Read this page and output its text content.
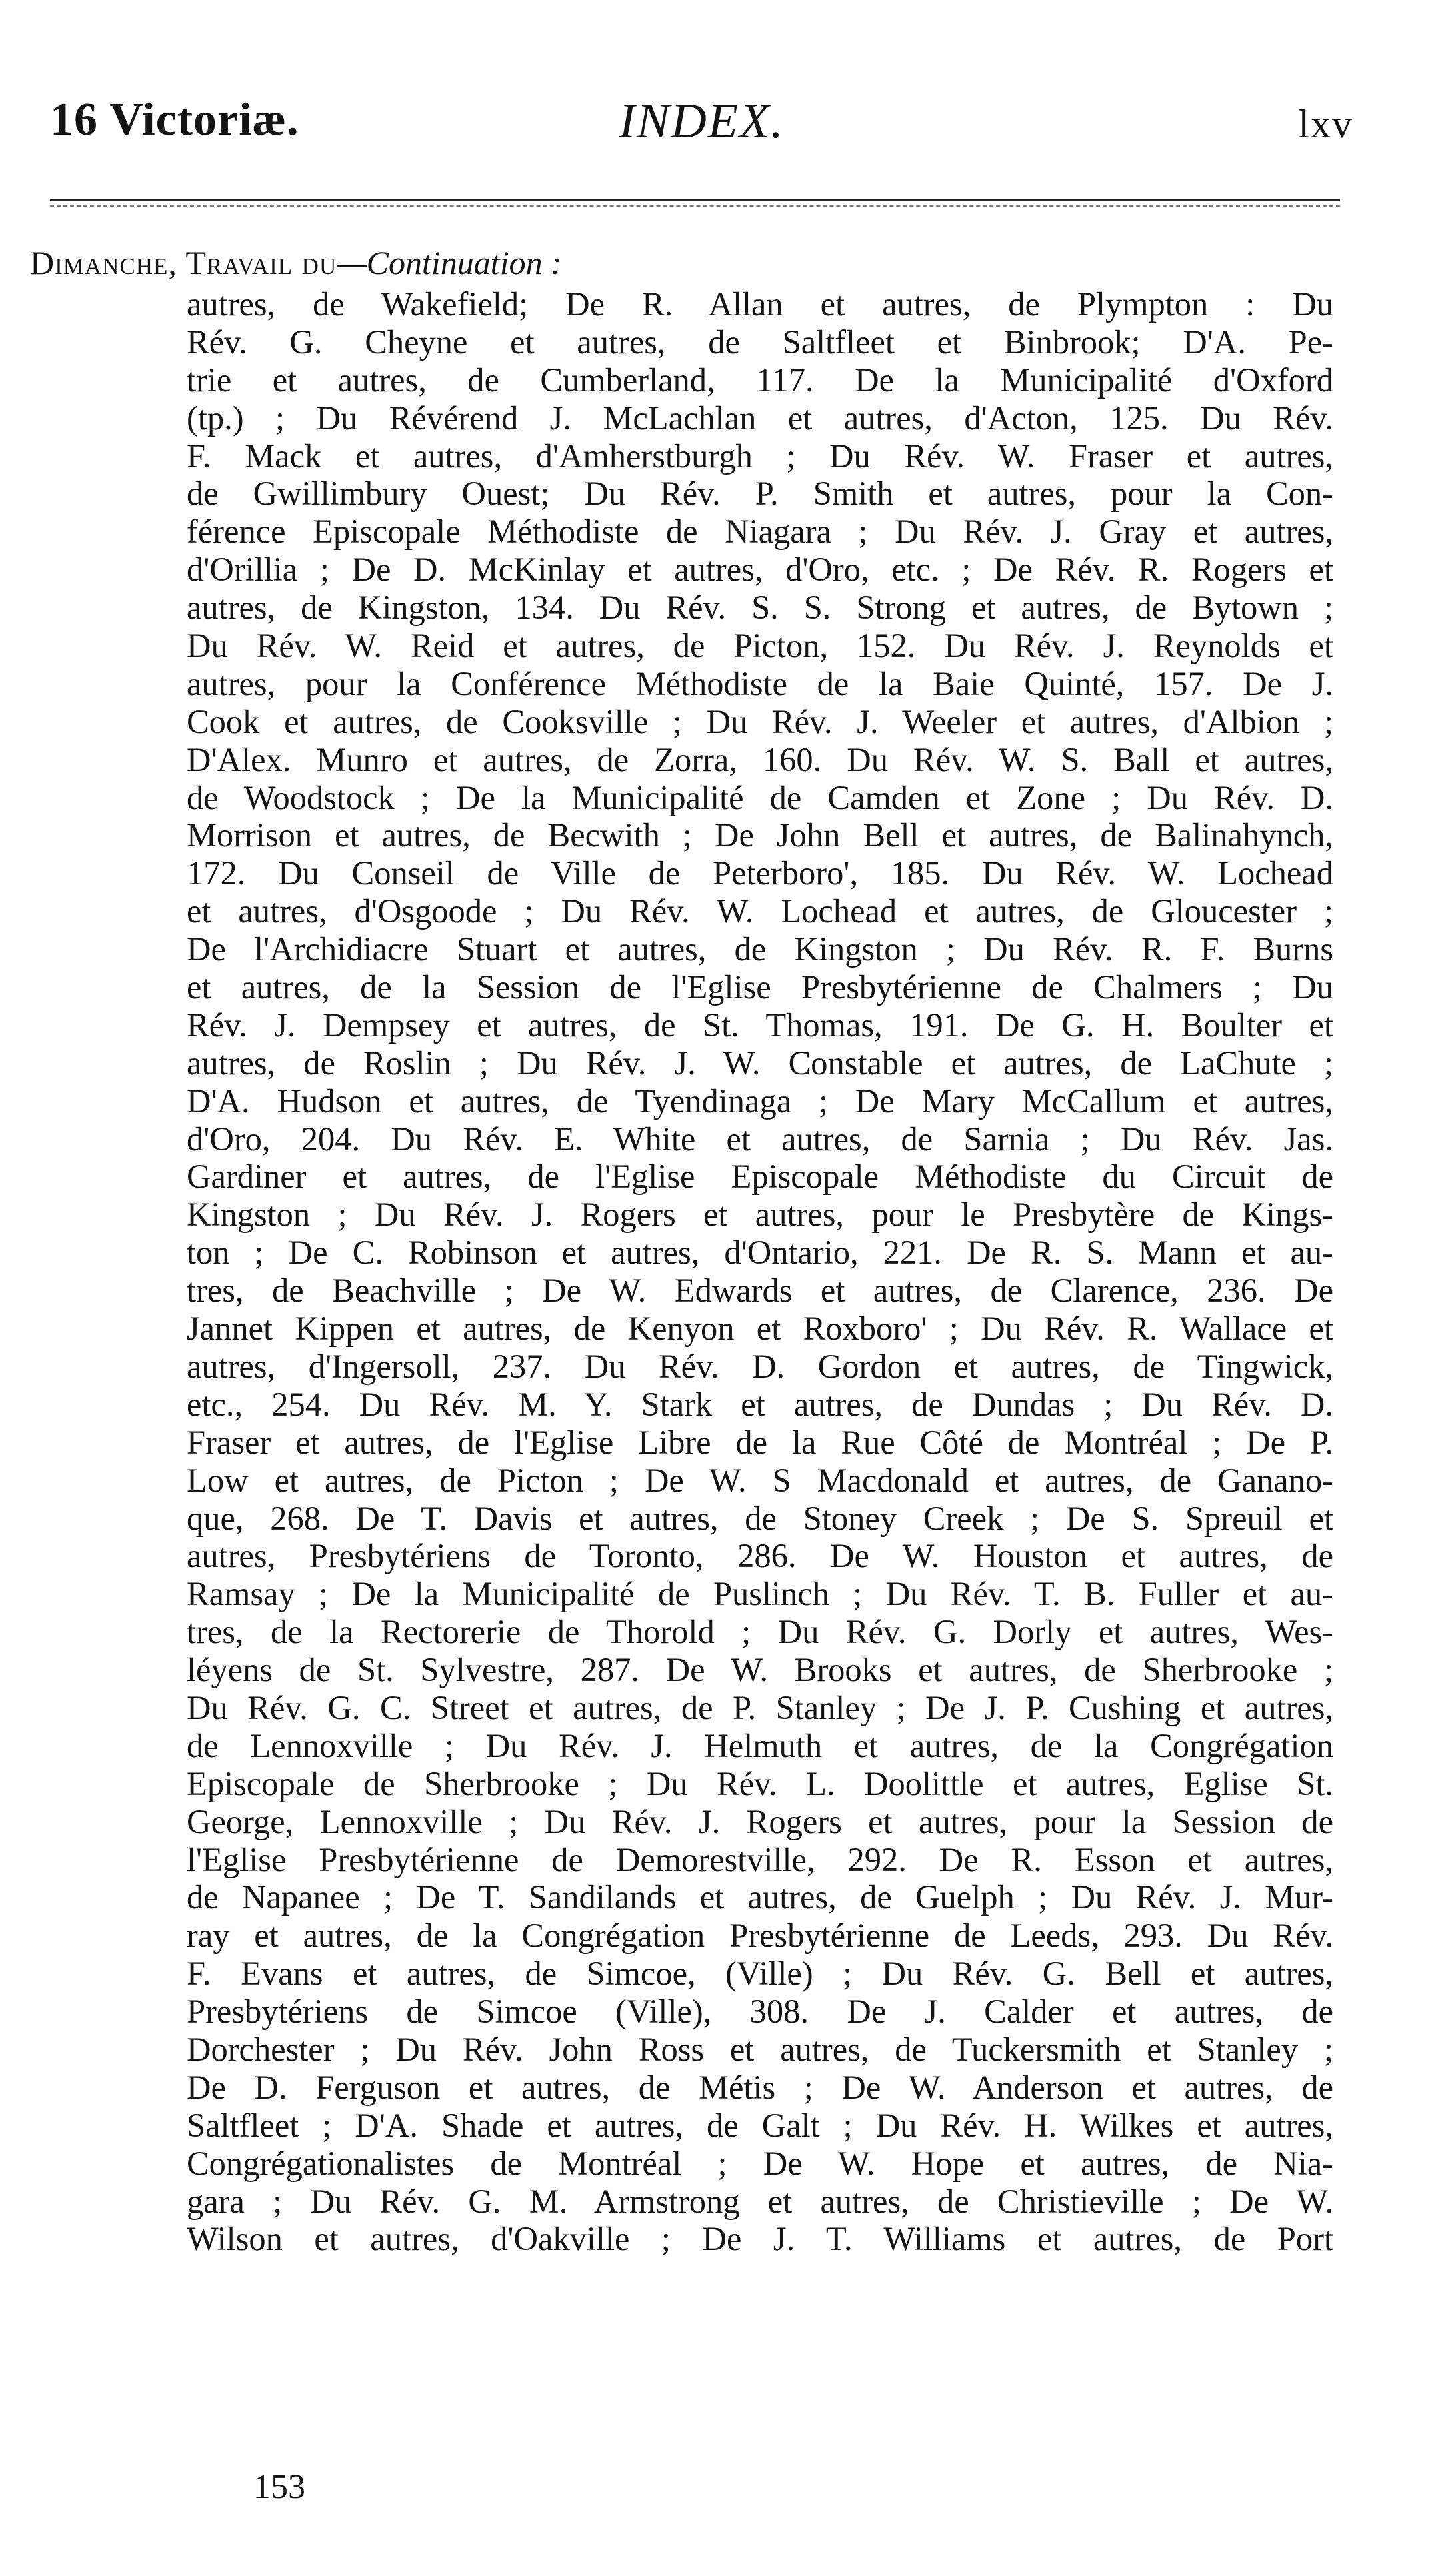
16 Victoriæ.	INDEX.	lxv
Dimanche, Travail du—Continuation :
autres, de Wakefield; De R. Allan et autres, de Plympton : Du
Rév. G. Cheyne et autres, de Saltfleet et Binbrook; D'A. Pe-
trie et autres, de Cumberland, 117. De la Municipalité d'Oxford
(tp.) ; Du Révérend J. McLachlan et autres, d'Acton, 125. Du Rév.
F. Mack et autres, d'Amherstburgh ; Du Rév. W. Fraser et autres,
de Gwillimbury Ouest; Du Rév. P. Smith et autres, pour la Con-
férence Episcopale Méthodiste de Niagara ; Du Rév. J. Gray et autres,
d'Orillia ; De D. McKinlay et autres, d'Oro, etc. ; De Rév. R. Rogers et
autres, de Kingston, 134. Du Rév. S. S. Strong et autres, de Bytown ;
Du Rév. W. Reid et autres, de Picton, 152. Du Rév. J. Reynolds et
autres, pour la Conférence Méthodiste de la Baie Quinté, 157. De J.
Cook et autres, de Cooksville ; Du Rév. J. Weeler et autres, d'Albion ;
D'Alex. Munro et autres, de Zorra, 160. Du Rév. W. S. Ball et autres,
de Woodstock ; De la Municipalité de Camden et Zone ; Du Rév. D.
Morrison et autres, de Becwith ; De John Bell et autres, de Balinahynch,
172. Du Conseil de Ville de Peterboro', 185. Du Rév. W. Lochead
et autres, d'Osgoode ; Du Rév. W. Lochead et autres, de Gloucester ;
De l'Archidiacre Stuart et autres, de Kingston ; Du Rév. R. F. Burns
et autres, de la Session de l'Eglise Presbytérienne de Chalmers ; Du
Rév. J. Dempsey et autres, de St. Thomas, 191. De G. H. Boulter et
autres, de Roslin ; Du Rév. J. W. Constable et autres, de LaChute ;
D'A. Hudson et autres, de Tyendinaga ; De Mary McCallum et autres,
d'Oro, 204. Du Rév. E. White et autres, de Sarnia ; Du Rév. Jas.
Gardiner et autres, de l'Eglise Episcopale Méthodiste du Circuit de
Kingston ; Du Rév. J. Rogers et autres, pour le Presbytère de Kings-
ton ; De C. Robinson et autres, d'Ontario, 221. De R. S. Mann et au-
tres, de Beachville ; De W. Edwards et autres, de Clarence, 236. De
Jannet Kippen et autres, de Kenyon et Roxboro' ; Du Rév. R. Wallace et
autres, d'Ingersoll, 237. Du Rév. D. Gordon et autres, de Tingwick,
etc., 254. Du Rév. M. Y. Stark et autres, de Dundas ; Du Rév. D.
Fraser et autres, de l'Eglise Libre de la Rue Côté de Montréal ; De P.
Low et autres, de Picton ; De W. S Macdonald et autres, de Ganano-
que, 268. De T. Davis et autres, de Stoney Creek ; De S. Spreuil et
autres, Presbytériens de Toronto, 286. De W. Houston et autres, de
Ramsay ; De la Municipalité de Puslinch ; Du Rév. T. B. Fuller et au-
tres, de la Rectorerie de Thorold ; Du Rév. G. Dorly et autres, Wes-
léyens de St. Sylvestre, 287. De W. Brooks et autres, de Sherbrooke ;
Du Rév. G. C. Street et autres, de P. Stanley ; De J. P. Cushing et autres,
de Lennoxville ; Du Rév. J. Helmuth et autres, de la Congrégation
Episcopale de Sherbrooke ; Du Rév. L. Doolittle et autres, Eglise St.
George, Lennoxville ; Du Rév. J. Rogers et autres, pour la Session de
l'Eglise Presbytérienne de Demorestville, 292. De R. Esson et autres,
de Napanee ; De T. Sandilands et autres, de Guelph ; Du Rév. J. Mur-
ray et autres, de la Congrégation Presbytérienne de Leeds, 293. Du Rév.
F. Evans et autres, de Simcoe, (Ville) ; Du Rév. G. Bell et autres,
Presbytériens de Simcoe (Ville), 308. De J. Calder et autres, de
Dorchester ; Du Rév. John Ross et autres, de Tuckersmith et Stanley ;
De D. Ferguson et autres, de Métis ; De W. Anderson et autres, de
Saltfleet ; D'A. Shade et autres, de Galt ; Du Rév. H. Wilkes et autres,
Congrégationalistes de Montréal ; De W. Hope et autres, de Nia-
gara ; Du Rév. G. M. Armstrong et autres, de Christieville ; De W.
Wilson et autres, d'Oakville ; De J. T. Williams et autres, de Port
153
